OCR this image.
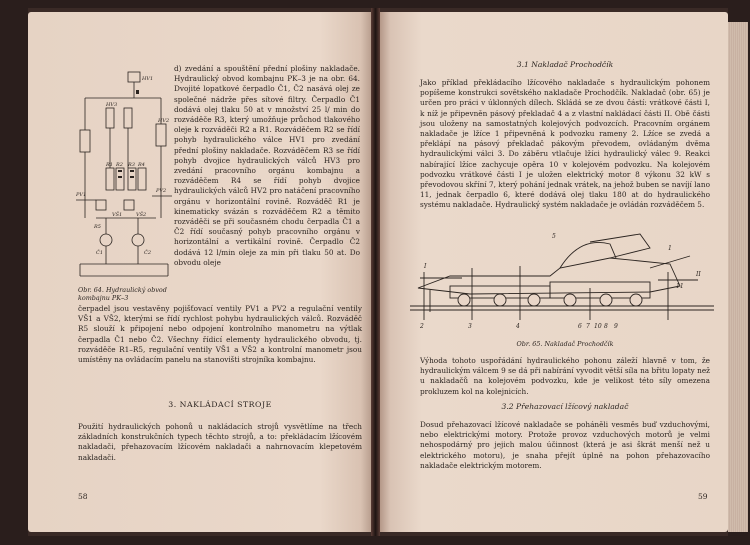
HV1
HV2
HV3
R1 R2 R3 R4
R5
PV1
PV2
VŠ1	VŠ2
Č1	Č2
Obr. 64. Hydraulický obvod kombajnu PK–3
d) zvedání a spouštění přední plošiny nakladače. Hydraulický obvod kombajnu PK–3 je na obr. 64. Dvojité lopatkové čerpadlo Č1, Č2 nasává olej ze společné nádrže přes sítové filtry. Čerpadlo Č1 dodává olej tlaku 50 at v množství 25 l/ min do rozváděče R3, který umožňuje průchod tlakového oleje k rozváděči R2 a R1. Rozváděčem R2 se řídí pohyb hydraulického válce HV1 pro zvedání přední plošiny nakladače. Rozváděčem R3 se řídí pohyb dvojice hydraulických válců HV3 pro zvedání pracovního orgánu kombajnu a rozváděčem R4 se řídí pohyb dvojice hydraulických válců HV2 pro natáčení pracovního orgánu v horizontální rovině. Rozváděč R1 je kinematicky svázán s rozváděčem R2 a těmito rozváděči se při současném chodu čerpadla Č1 a Č2 řídí současný pohyb pracovního orgánu v horizontální a vertikální rovině. Čerpadlo Č2 dodává 12 l/min oleje za min při tlaku 50 at. Do obvodu oleje
čerpadel jsou vestavěny pojišťovací ventily PV1 a PV2 a regulační ventily VŠ1 a VŠ2, kterými se řídí rychlost pohybu hydraulických válců. Rozváděč R5 slouží k připojení nebo odpojení kontrolního manometru na výtlak čerpadla Č1 nebo Č2. Všechny řídicí elementy hydraulického obvodu, tj. rozváděče R1–R5, regulační ventily VŠ1 a VŠ2 a kontrolní manometr jsou umístěny na ovládacím panelu na stanovišti strojníka kombajnu.
3. NAKLÁDACÍ STROJE
Použití hydraulických pohonů u nakládacích strojů vysvětlíme na třech základních konstrukčních typech těchto strojů, a to: překládacím lžícovém nakladači, přehazovacím lžícovém nakladači a nahrnovacím klepetovém nakladači.
58
3.1 Nakladač Prochodčík
Jako příklad překládacího lžícového nakladače s hydraulickým pohonem popíšeme konstrukci sovětského nakladače Prochodčík. Nakladač (obr. 65) je určen pro práci v úklonných dílech. Skládá se ze dvou částí: vrátkové části I, k níž je připevněn pásový překladač 4 a z vlastní nakládací části II. Obě části jsou uloženy na samostatných kolejových podvozcích. Pracovním orgánem nakladače je lžíce 1 připevněná k podvozku rameny 2. Lžíce se zvedá a překlápí na pásový překladač pákovým převodem, ovládaným dvěma hydraulickými válci 3. Do záběru vtlačuje lžíci hydraulický válec 9. Reakci nabírající lžíce zachycuje opěra 10 v kolejovém podvozku. Na kolejovém podvozku vrátkové části I je uložen elektrický motor 8 výkonu 32 kW s převodovou skříní 7, který pohání jednak vrátek, na jehož buben se navíjí lano 11, jednak čerpadlo 6, které dodává olej tlaku 180 at do hydraulického systému nakladače. Hydraulický systém nakladače je ovládán rozváděčem 5.
1
2	3	4
5
6 7 8 9
10
11
I
II
Obr. 65. Nakladač Prochodčík
Výhoda tohoto uspořádání hydraulického pohonu záleží hlavně v tom, že hydraulickým válcem 9 se dá při nabírání vyvodit větší síla na břitu lopaty než u nakladačů na kolejovém podvozku, kde je velikost této síly omezena prokluzem kol na kolejnicích.
3.2 Přehazovací lžícový nakladač
Dosud přehazovací lžícové nakladače se poháněli vesměs buď vzduchovými, nebo elektrickými motory. Protože provoz vzduchových motorů je velmi nehospodárný pro jejich malou účinnost (která je asi škrát menší než u elektrického motoru), je snaha přejít úplně na pohon přehazovacího nakladače elektrickým motorem.
59
